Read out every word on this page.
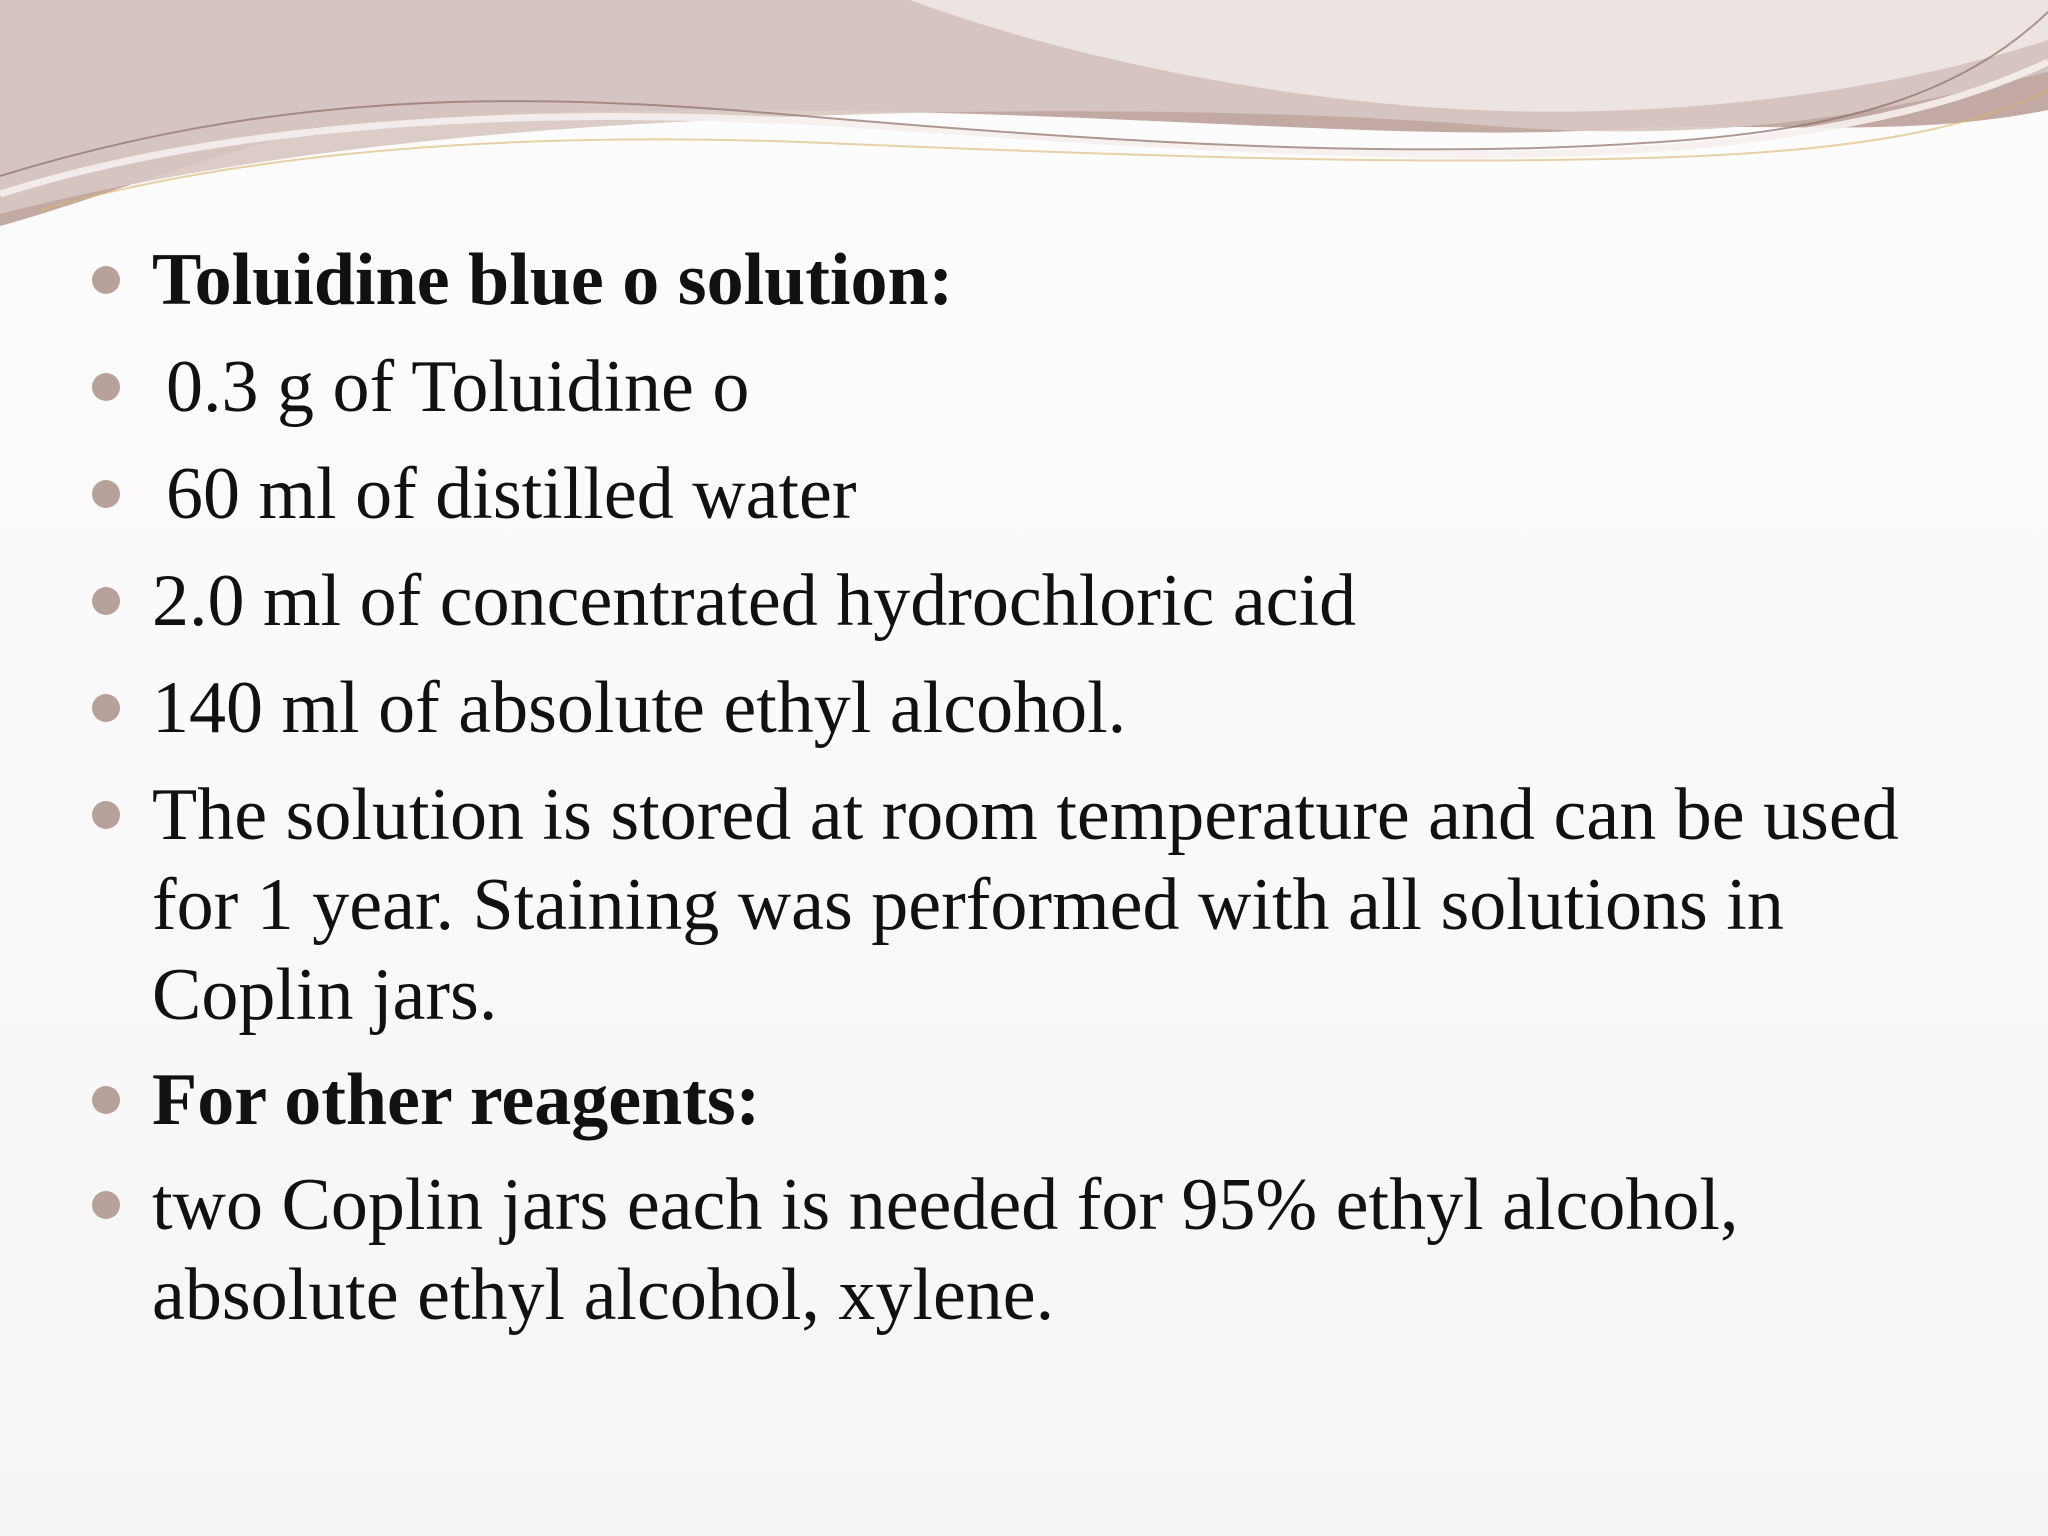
Toluidine blue o solution:
0.3 g of Toluidine o
60 ml of distilled water
2.0 ml of concentrated hydrochloric acid
140 ml of absolute ethyl alcohol.
The solution is stored at room temperature and can be used for 1 year. Staining was performed with all solutions in Coplin jars.
For other reagents:
two Coplin jars each is needed for 95% ethyl alcohol, absolute ethyl alcohol, xylene.
